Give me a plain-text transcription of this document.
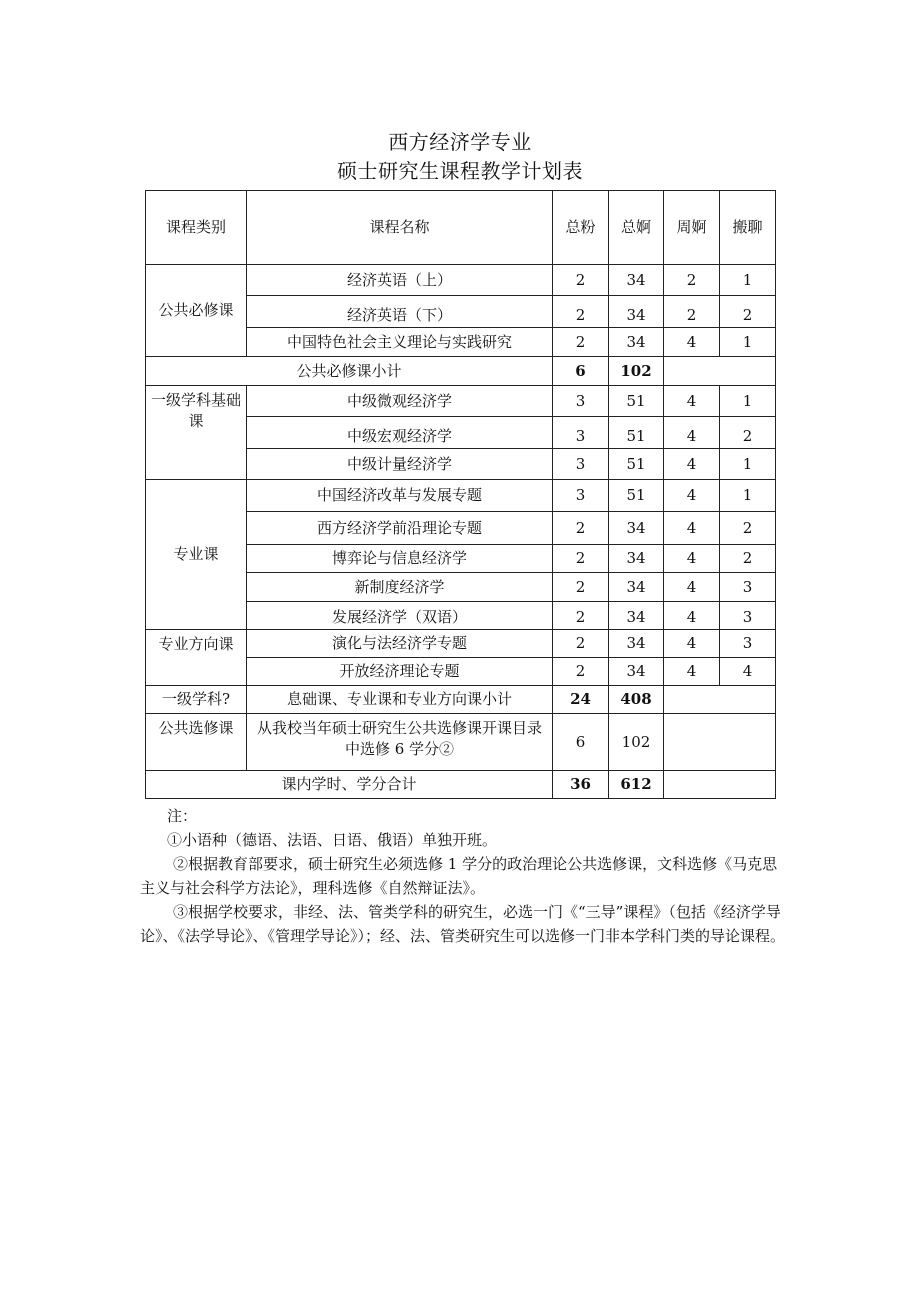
西方经济学专业
硕士研究生课程教学计划表
课程类别	课程名称	总粉	总婀	周婀	搬聊
公共必修课	经济英语（上）	2	34	2	1
	经济英语（下）	2	34	2	2
	中国特色社会主义理论与实践研究	2	34	4	1
公共必修课小计		6	102		

一级学科基础课	中级微观经济学	3	51	4	1
	中级宏观经济学	3	51	4	2
	中级计量经济学	3	51	4	1
专业课	中国经济改革与发展专题	3	51	4	1
	西方经济学前沿理论专题	2	34	4	2
	博弈论与信息经济学	2	34	4	2
	新制度经济学	2	34	4	3
	发展经济学（双语）	2	34	4	3
专业方向课	演化与法经济学专题	2	34	4	3
	开放经济理论专题	2	34	4	4
一级学科?	息础课、专业课和专业方向课小计	24	408		
公共选修课	从我校当年硕士研究生公共选修课开课目录中选修 6 学分②	6	102		
课内学时、学分合计		36	612		

注：

①小语种（德语、法语、日语、俄语）单独开班。

②根据教育部要求，硕士研究生必须选修 1 学分的政治理论公共选修课，文科选修《马克思主义与社会科学方法论》，理科选修《自然辩证法》。

③根据学校要求，非经、法、管类学科的研究生，必选一门《“三导”课程》（包括《经济学导论》、《法学导论》、《管理学导论》）；经、法、管类研究生可以选修一门非本学科门类的导论课程。
